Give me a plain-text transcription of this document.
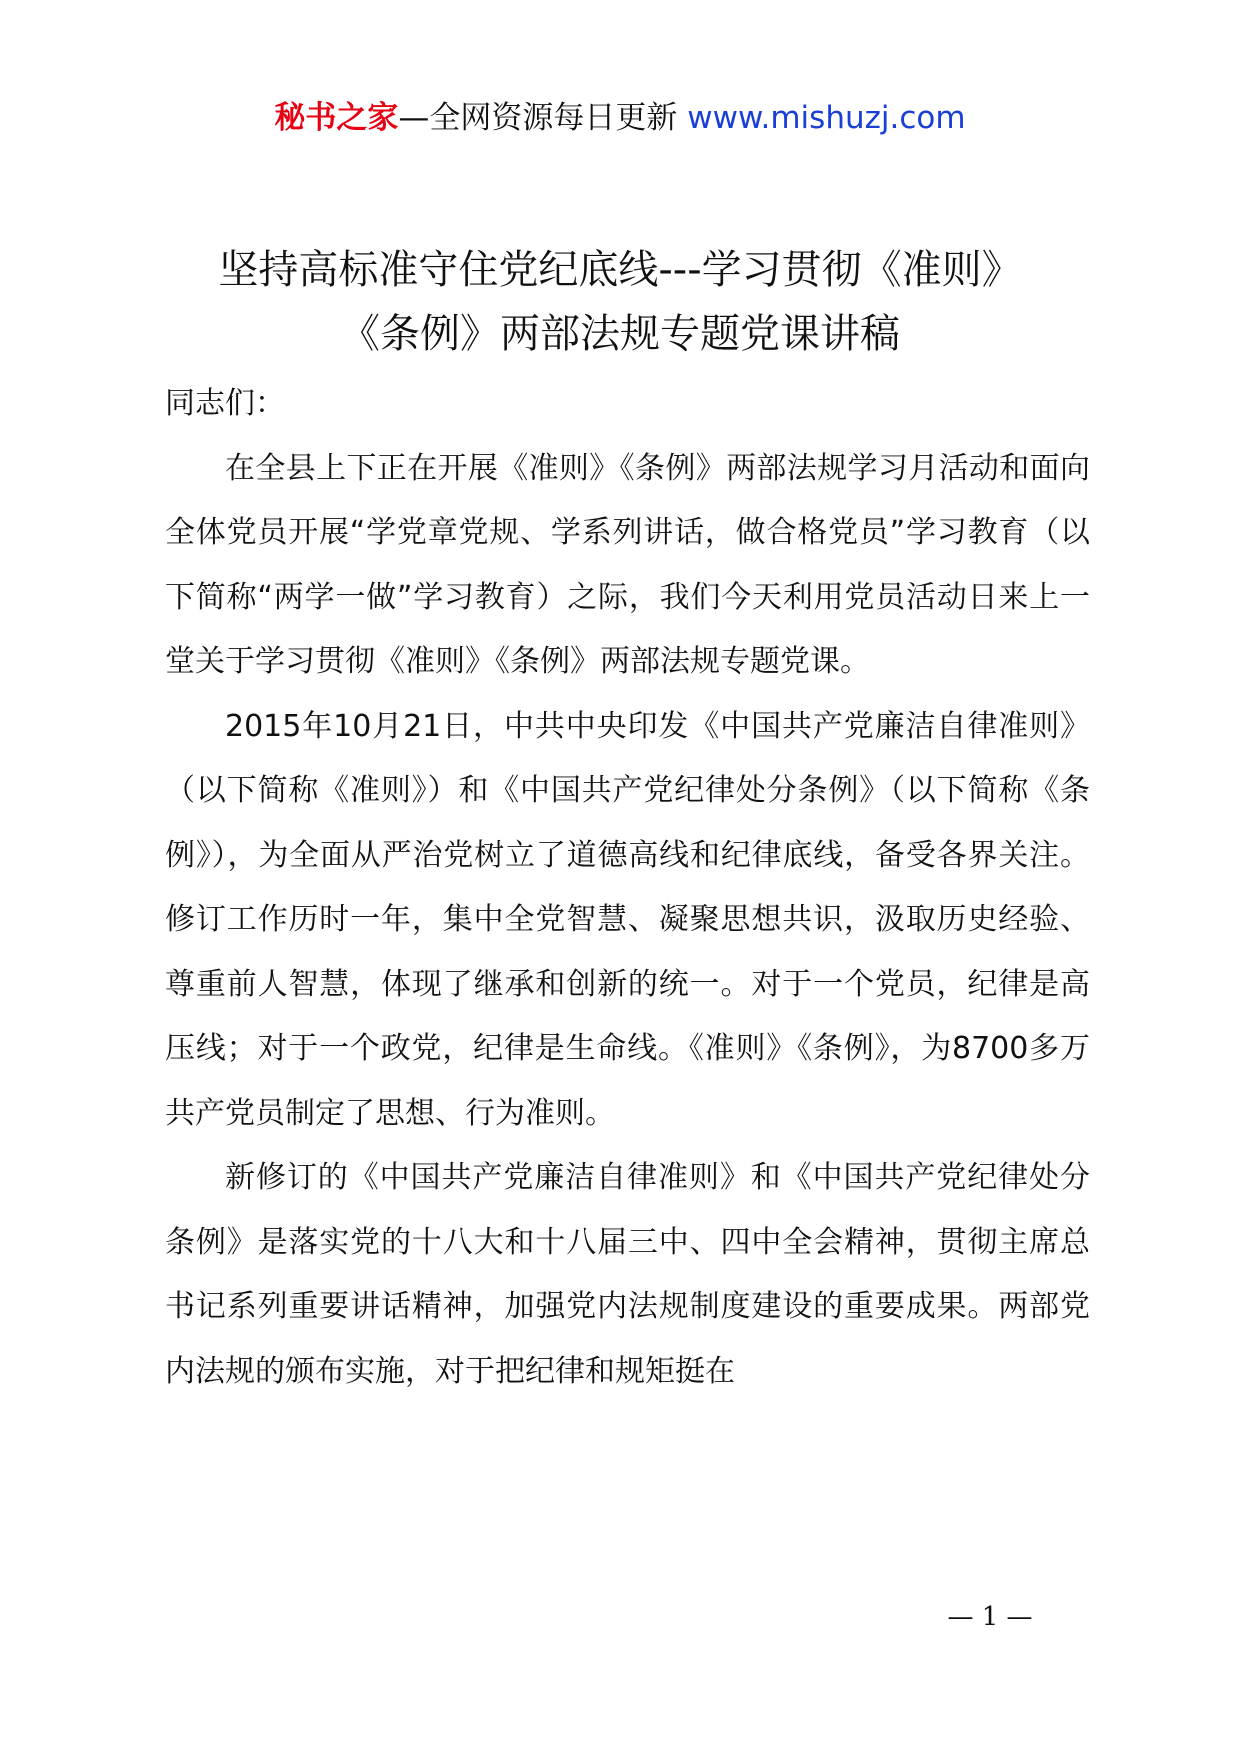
秘书之家—全网资源每日更新 www.mishuzj.com
坚持高标准守住党纪底线---学习贯彻《准则》
《条例》两部法规专题党课讲稿

同志们：

在全县上下正在开展《准则》《条例》两部法规学习月活动和面向全体党员开展“学党章党规、学系列讲话，做合格党员”学习教育（以下简称“两学一做”学习教育）之际，我们今天利用党员活动日来上一堂关于学习贯彻《准则》《条例》两部法规专题党课。

2015年10月21日，中共中央印发《中国共产党廉洁自律准则》（以下简称《准则》）和《中国共产党纪律处分条例》（以下简称《条例》），为全面从严治党树立了道德高线和纪律底线，备受各界关注。修订工作历时一年，集中全党智慧、凝聚思想共识，汲取历史经验、尊重前人智慧，体现了继承和创新的统一。对于一个党员，纪律是高压线；对于一个政党，纪律是生命线。《准则》《条例》，为8700多万共产党员制定了思想、行为准则。

新修订的《中国共产党廉洁自律准则》和《中国共产党纪律处分条例》是落实党的十八大和十八届三中、四中全会精神，贯彻主席总书记系列重要讲话精神，加强党内法规制度建设的重要成果。两部党内法规的颁布实施，对于把纪律和规矩挺在

— 1 —
